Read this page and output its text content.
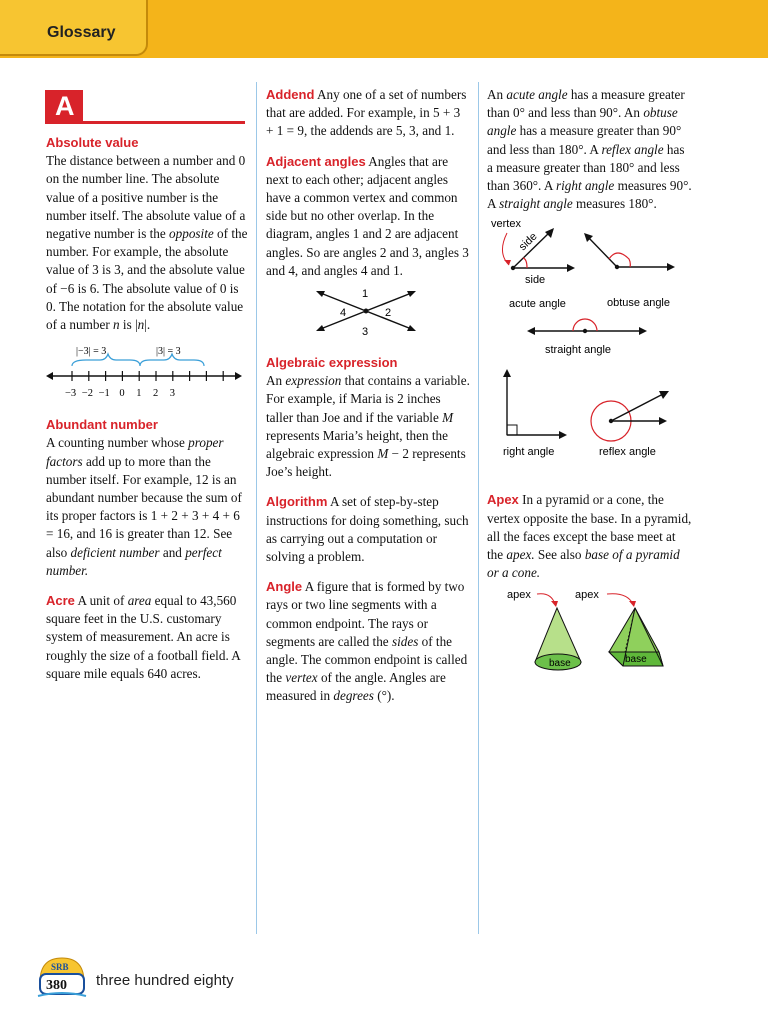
Glossary
A
Absolute value
The distance between a number and 0 on the number line. The absolute value of a positive number is the number itself. The absolute value of a negative number is the opposite of the number. For example, the absolute value of 3 is 3, and the absolute value of −6 is 6. The absolute value of 0 is 0. The notation for the absolute value of a number n is |n|.
|−3| = 3	|3| = 3
−3 −2 −1 0 1 2 3
Abundant number
A counting number whose proper factors add up to more than the number itself. For example, 12 is an abundant number because the sum of its proper factors is 1 + 2 + 3 + 4 + 6 = 16, and 16 is greater than 12. See also deficient number and perfect number.
Acre A unit of area equal to 43,560 square feet in the U.S. customary system of measurement. An acre is roughly the size of a football field. A square mile equals 640 acres.
Addend Any one of a set of numbers that are added. For example, in 5 + 3 + 1 = 9, the addends are 5, 3, and 1.
Adjacent angles Angles that are next to each other; adjacent angles have a common vertex and common side but no other overlap. In the diagram, angles 1 and 2 are adjacent angles. So are angles 2 and 3, angles 3 and 4, and angles 4 and 1.
1
2
3
4
Algebraic expression
An expression that contains a variable. For example, if Maria is 2 inches taller than Joe and if the variable M represents Maria’s height, then the algebraic expression M − 2 represents Joe’s height.
Algorithm A set of step-by-step instructions for doing something, such as carrying out a computation or solving a problem.
Angle A figure that is formed by two rays or two line segments with a common endpoint. The rays or segments are called the sides of the angle. The common endpoint is called the vertex of the angle. Angles are measured in degrees (°).
An acute angle has a measure greater than 0° and less than 90°. An obtuse angle has a measure greater than 90° and less than 180°. A reflex angle has a measure greater than 180° and less than 360°. A right angle measures 90°. A straight angle measures 180°.
vertex
side
side
acute angle	obtuse angle
straight angle
right angle	reflex angle
Apex In a pyramid or a cone, the vertex opposite the base. In a pyramid, all the faces except the base meet at the apex. See also base of a pyramid or a cone.
apex	apex
base	base
SRB
380 three hundred eighty
